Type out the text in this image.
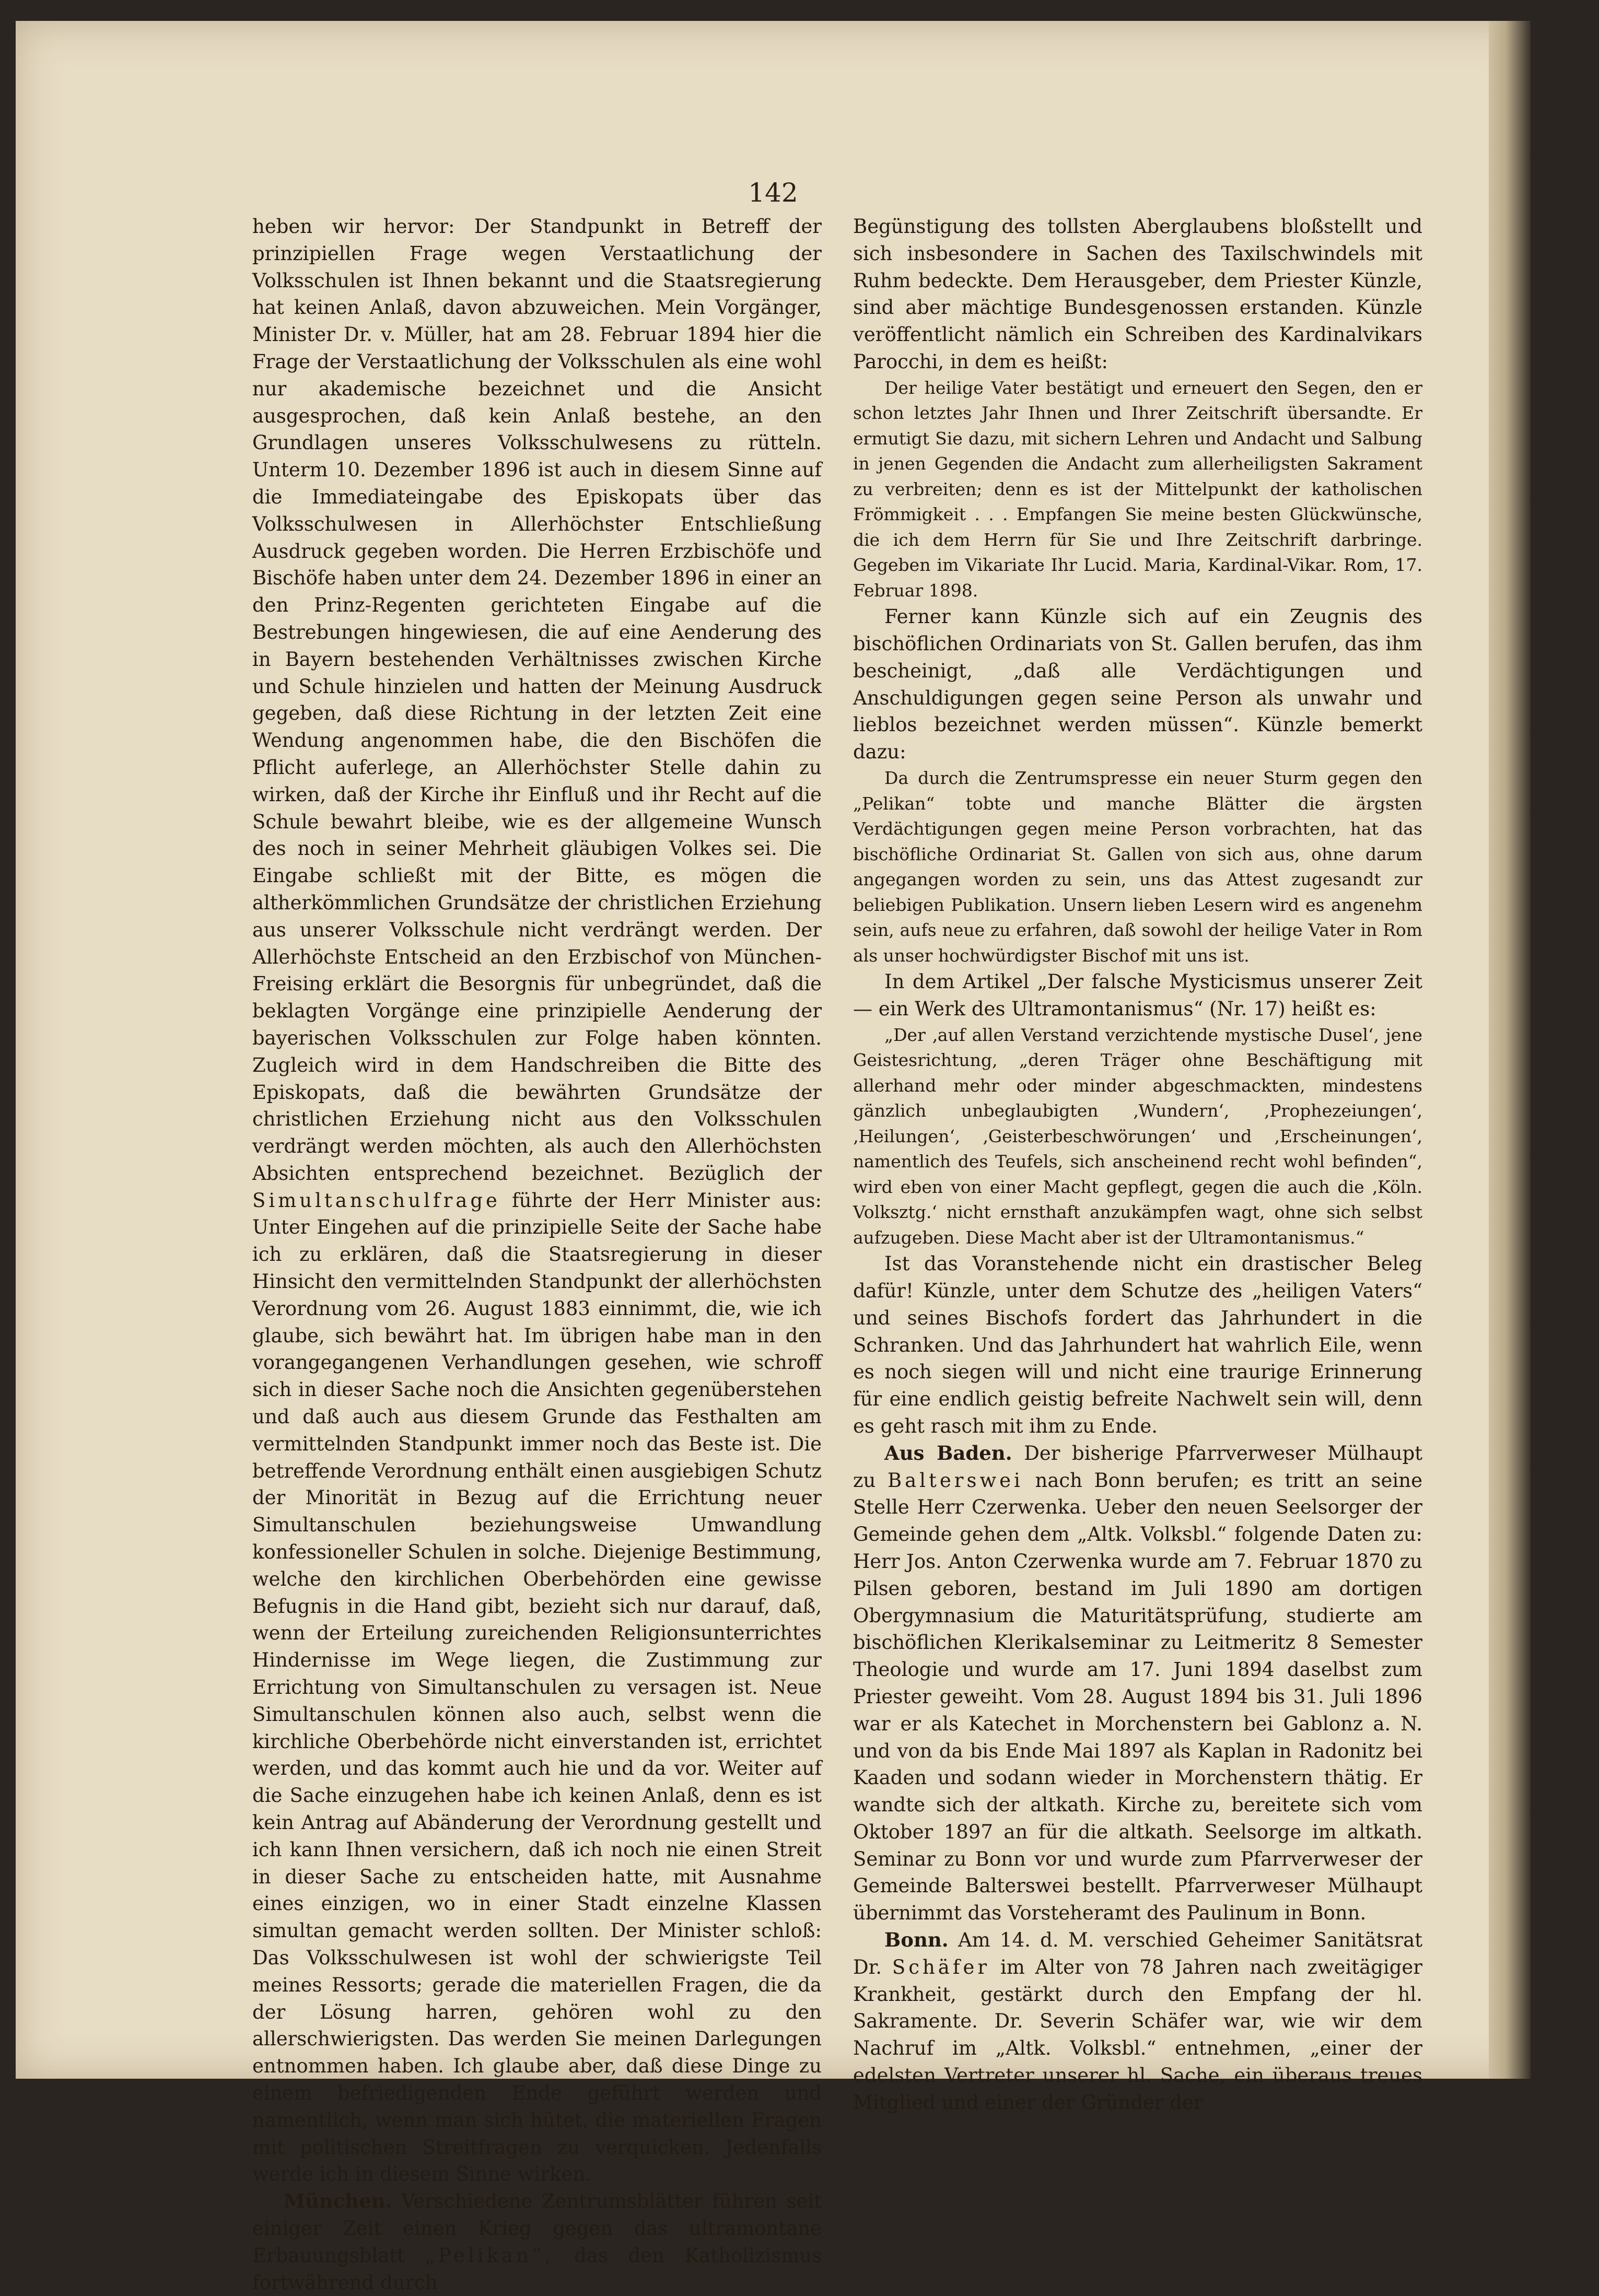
142

heben wir hervor: Der Standpunkt in Betreff der prinzipiellen Frage wegen Verstaatlichung der Volksschulen ist Ihnen bekannt und die Staatsregierung hat keinen Anlaß, davon abzuweichen. Mein Vorgänger, Minister Dr. v. Müller, hat am 28. Februar 1894 hier die Frage der Verstaatlichung der Volksschulen als eine wohl nur akademische bezeichnet und die Ansicht ausgesprochen, daß kein Anlaß bestehe, an den Grundlagen unseres Volksschulwesens zu rütteln. Unterm 10. Dezember 1896 ist auch in diesem Sinne auf die Immediateingabe des Episkopats über das Volksschulwesen in Allerhöchster Entschließung Ausdruck gegeben worden. Die Herren Erzbischöfe und Bischöfe haben unter dem 24. Dezember 1896 in einer an den Prinz-Regenten gerichteten Eingabe auf die Bestrebungen hingewiesen, die auf eine Aenderung des in Bayern bestehenden Verhältnisses zwischen Kirche und Schule hinzielen und hatten der Meinung Ausdruck gegeben, daß diese Richtung in der letzten Zeit eine Wendung angenommen habe, die den Bischöfen die Pflicht auferlege, an Allerhöchster Stelle dahin zu wirken, daß der Kirche ihr Einfluß und ihr Recht auf die Schule bewahrt bleibe, wie es der allgemeine Wunsch des noch in seiner Mehrheit gläubigen Volkes sei. Die Eingabe schließt mit der Bitte, es mögen die altherkömmlichen Grundsätze der christlichen Erziehung aus unserer Volksschule nicht verdrängt werden. Der Allerhöchste Entscheid an den Erzbischof von München-Freising erklärt die Besorgnis für unbegründet, daß die beklagten Vorgänge eine prinzipielle Aenderung der bayerischen Volksschulen zur Folge haben könnten. Zugleich wird in dem Handschreiben die Bitte des Episkopats, daß die bewährten Grundsätze der christlichen Erziehung nicht aus den Volksschulen verdrängt werden möchten, als auch den Allerhöchsten Absichten entsprechend bezeichnet. Bezüglich der Simultanschulfrage führte der Herr Minister aus: Unter Eingehen auf die prinzipielle Seite der Sache habe ich zu erklären, daß die Staatsregierung in dieser Hinsicht den vermittelnden Standpunkt der allerhöchsten Verordnung vom 26. August 1883 einnimmt, die, wie ich glaube, sich bewährt hat. Im übrigen habe man in den vorangegangenen Verhandlungen gesehen, wie schroff sich in dieser Sache noch die Ansichten gegenüberstehen und daß auch aus diesem Grunde das Festhalten am vermittelnden Standpunkt immer noch das Beste ist. Die betreffende Verordnung enthält einen ausgiebigen Schutz der Minorität in Bezug auf die Errichtung neuer Simultanschulen beziehungsweise Umwandlung konfessioneller Schulen in solche. Diejenige Bestimmung, welche den kirchlichen Oberbehörden eine gewisse Befugnis in die Hand gibt, bezieht sich nur darauf, daß, wenn der Erteilung zureichenden Religionsunterrichtes Hindernisse im Wege liegen, die Zustimmung zur Errichtung von Simultanschulen zu versagen ist. Neue Simultanschulen können also auch, selbst wenn die kirchliche Oberbehörde nicht einverstanden ist, errichtet werden, und das kommt auch hie und da vor. Weiter auf die Sache einzugehen habe ich keinen Anlaß, denn es ist kein Antrag auf Abänderung der Verordnung gestellt und ich kann Ihnen versichern, daß ich noch nie einen Streit in dieser Sache zu entscheiden hatte, mit Ausnahme eines einzigen, wo in einer Stadt einzelne Klassen simultan gemacht werden sollten. Der Minister schloß: Das Volksschulwesen ist wohl der schwierigste Teil meines Ressorts; gerade die materiellen Fragen, die da der Lösung harren, gehören wohl zu den allerschwierigsten. Das werden Sie meinen Darlegungen entnommen haben. Ich glaube aber, daß diese Dinge zu einem befriedigenden Ende geführt werden und namentlich, wenn man sich hütet, die materiellen Fragen mit politischen Streitfragen zu verquicken. Jedenfalls werde ich in diesem Sinne wirken.

München. Verschiedene Zentrumsblätter führen seit einiger Zeit einen Krieg gegen das ultramontane Erbauungsblatt „Pelikan“, das den Katholizismus fortwährend durch

Begünstigung des tollsten Aberglaubens bloßstellt und sich insbesondere in Sachen des Taxilschwindels mit Ruhm bedeckte. Dem Herausgeber, dem Priester Künzle, sind aber mächtige Bundesgenossen erstanden. Künzle veröffentlicht nämlich ein Schreiben des Kardinalvikars Parocchi, in dem es heißt:

Der heilige Vater bestätigt und erneuert den Segen, den er schon letztes Jahr Ihnen und Ihrer Zeitschrift übersandte. Er ermutigt Sie dazu, mit sichern Lehren und Andacht und Salbung in jenen Gegenden die Andacht zum allerheiligsten Sakrament zu verbreiten; denn es ist der Mittelpunkt der katholischen Frömmigkeit . . . Empfangen Sie meine besten Glückwünsche, die ich dem Herrn für Sie und Ihre Zeitschrift darbringe. Gegeben im Vikariate Ihr Lucid. Maria, Kardinal-Vikar. Rom, 17. Februar 1898.

Ferner kann Künzle sich auf ein Zeugnis des bischöflichen Ordinariats von St. Gallen berufen, das ihm bescheinigt, „daß alle Verdächtigungen und Anschuldigungen gegen seine Person als unwahr und lieblos bezeichnet werden müssen“. Künzle bemerkt dazu:

Da durch die Zentrumspresse ein neuer Sturm gegen den „Pelikan“ tobte und manche Blätter die ärgsten Verdächtigungen gegen meine Person vorbrachten, hat das bischöfliche Ordinariat St. Gallen von sich aus, ohne darum angegangen worden zu sein, uns das Attest zugesandt zur beliebigen Publikation. Unsern lieben Lesern wird es angenehm sein, aufs neue zu erfahren, daß sowohl der heilige Vater in Rom als unser hochwürdigster Bischof mit uns ist.

In dem Artikel „Der falsche Mysticismus unserer Zeit — ein Werk des Ultramontanismus“ (Nr. 17) heißt es:

„Der ‚auf allen Verstand verzichtende mystische Dusel‘, jene Geistesrichtung, „deren Träger ohne Beschäftigung mit allerhand mehr oder minder abgeschmackten, mindestens gänzlich unbeglaubigten ‚Wundern‘, ‚Prophezeiungen‘, ‚Heilungen‘, ‚Geisterbeschwörungen‘ und ‚Erscheinungen‘, namentlich des Teufels, sich anscheinend recht wohl befinden“, wird eben von einer Macht gepflegt, gegen die auch die ‚Köln. Volksztg.‘ nicht ernsthaft anzukämpfen wagt, ohne sich selbst aufzugeben. Diese Macht aber ist der Ultramontanismus.“

Ist das Voranstehende nicht ein drastischer Beleg dafür! Künzle, unter dem Schutze des „heiligen Vaters“ und seines Bischofs fordert das Jahrhundert in die Schranken. Und das Jahrhundert hat wahrlich Eile, wenn es noch siegen will und nicht eine traurige Erinnerung für eine endlich geistig befreite Nachwelt sein will, denn es geht rasch mit ihm zu Ende.

Aus Baden. Der bisherige Pfarrverweser Mülhaupt zu Balterswei nach Bonn berufen; es tritt an seine Stelle Herr Czerwenka. Ueber den neuen Seelsorger der Gemeinde gehen dem „Altk. Volksbl.“ folgende Daten zu: Herr Jos. Anton Czerwenka wurde am 7. Februar 1870 zu Pilsen geboren, bestand im Juli 1890 am dortigen Obergymnasium die Maturitätsprüfung, studierte am bischöflichen Klerikalseminar zu Leitmeritz 8 Semester Theologie und wurde am 17. Juni 1894 daselbst zum Priester geweiht. Vom 28. August 1894 bis 31. Juli 1896 war er als Katechet in Morchenstern bei Gablonz a. N. und von da bis Ende Mai 1897 als Kaplan in Radonitz bei Kaaden und sodann wieder in Morchenstern thätig. Er wandte sich der altkath. Kirche zu, bereitete sich vom Oktober 1897 an für die altkath. Seelsorge im altkath. Seminar zu Bonn vor und wurde zum Pfarrverweser der Gemeinde Balterswei bestellt. Pfarrverweser Mülhaupt übernimmt das Vorsteheramt des Paulinum in Bonn.

Bonn. Am 14. d. M. verschied Geheimer Sanitätsrat Dr. Schäfer im Alter von 78 Jahren nach zweitägiger Krankheit, gestärkt durch den Empfang der hl. Sakramente. Dr. Severin Schäfer war, wie wir dem Nachruf im „Altk. Volksbl.“ entnehmen, „einer der edelsten Vertreter unserer hl. Sache, ein überaus treues Mitglied und einer der Gründer der
